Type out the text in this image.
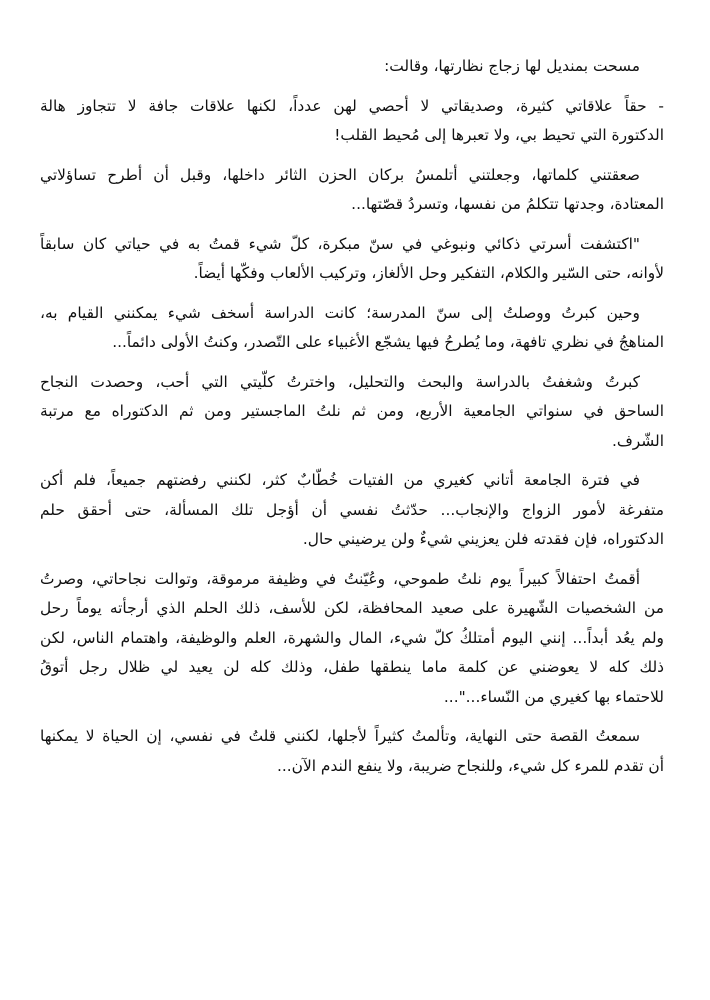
مسحت بمنديل لها زجاج نظارتها، وقالت:

- حقاً علاقاتي كثيرة، وصديقاتي لا أحصي لهن عدداً، لكنها علاقات جافة لا تتجاوز هالة
الدكتورة التي تحيط بي، ولا تعبرها إلى مُحيط القلب!

صعقتني كلماتها، وجعلتني أتلمسُ بركان الحزن الثائر داخلها، وقبل أن أطرح تساؤلاتي
المعتادة، وجدتها تتكلمُ من نفسها، وتسردُ قصّتها...

"اكتشفت أسرتي ذكائي ونبوغي في سنّ مبكرة، كلّ شيء قمتُ به في حياتي كان سابقاً
لأوانه، حتى السّير والكلام، التفكير وحل الألغاز، وتركيب الألعاب وفكّها أيضاً.

وحين كبرتُ ووصلتُ إلى سنّ المدرسة؛ كانت الدراسة أسخف شيء يمكنني القيام به،
المناهجُ في نظري تافهة، وما يُطرحُ فيها يشجّع الأغبياء على التّصدر، وكنتُ الأولى دائماً...

كبرتُ وشغفتُ بالدراسة والبحث والتحليل، واخترتُ كلّيتي التي أحب، وحصدت النجاح
الساحق في سنواتي الجامعية الأربع، ومن ثم نلتُ الماجستير ومن ثم الدكتوراه مع مرتبة
الشّرف.

في فترة الجامعة أتاني كغيري من الفتيات خُطّابٌ كثر، لكنني رفضتهم جميعاً، فلم أكن
متفرغة لأمور الزواج والإنجاب... حدّثتُ نفسي أن أؤجل تلك المسألة، حتى أحقق حلم
الدكتوراه، فإن فقدته فلن يعزيني شيءٌ ولن يرضيني حال.

أقمتُ احتفالاً كبيراً يوم نلتُ طموحي، وعُيّنتُ في وظيفة مرموقة، وتوالت نجاحاتي، وصرتُ
من الشخصيات الشّهيرة على صعيد المحافظة، لكن للأسف، ذلك الحلم الذي أرجأته يوماً رحل
ولم يعُد أبداً... إنني اليوم أمتلكُ كلّ شيء، المال والشهرة، العلم والوظيفة، واهتمام الناس، لكن
ذلك كله لا يعوضني عن كلمة ماما ينطقها طفل، وذلك كله لن يعيد لي ظلال رجل أتوقُ
للاحتماء بها كغيري من النّساء..."...

سمعتُ القصة حتى النهاية، وتألمتُ كثيراً لأجلها، لكنني قلتُ في نفسي، إن الحياة لا يمكنها
أن تقدم للمرء كل شيء، وللنجاح ضريبة، ولا ينفع الندم الآن...
